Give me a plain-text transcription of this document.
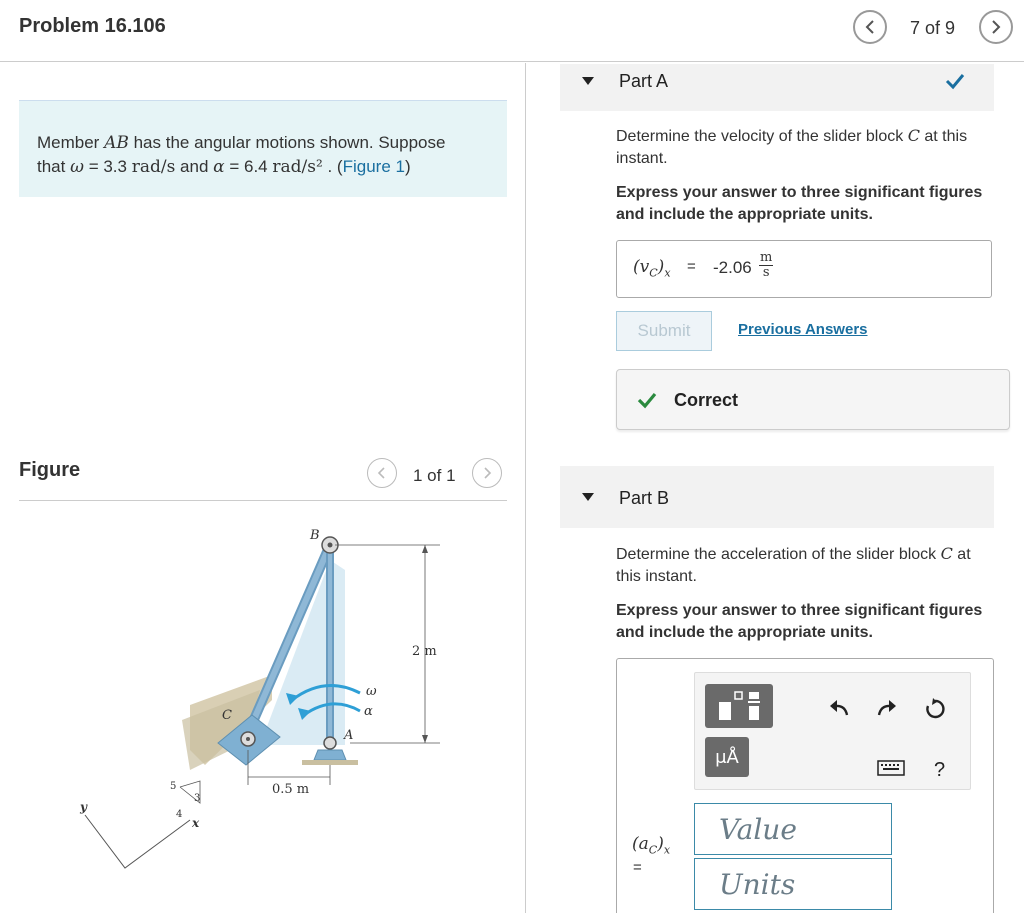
Problem 16.106	7 of 9
Member AB has the angular motions shown. Suppose
that ω = 3.3 rad/s and α = 6.4 rad/s² . (Figure 1)
Figure	1 of 1
B
C
A
ω
α
2 m
0.5 m
5
4
3
y
x
Part A
Determine the velocity of the slider block C at this instant.
Express your answer to three significant figures and include the appropriate units.
$(v_C)_x = -2.06$
m
s
Submit	Previous Answers
Correct
Part B
Determine the acceleration of the slider block C at this instant.
Express your answer to three significant figures and include the appropriate units.
μÅ
?
$(a_C)_x$
=
Value
Units
